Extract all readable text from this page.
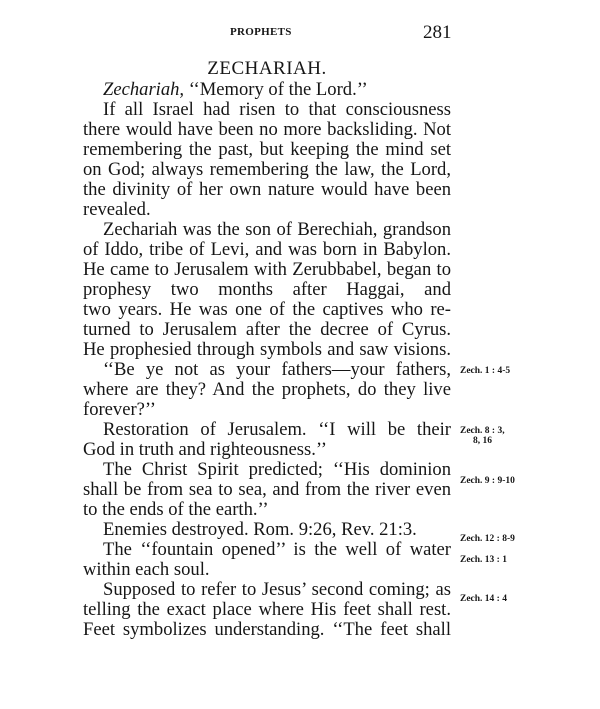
PROPHETS	281
ZECHARIAH.
Zechariah, ‘‘Memory of the Lord.’’
If all Israel had risen to that consciousness
there would have been no more backsliding. Not
remembering the past, but keeping the mind set
on God; always remembering the law, the Lord,
the divinity of her own nature would have been
revealed.
Zechariah was the son of Berechiah, grandson
of Iddo, tribe of Levi, and was born in Babylon.
He came to Jerusalem with Zerubbabel, began to
prophesy two months after Haggai, and
two years. He was one of the captives who re-
turned to Jerusalem after the decree of Cyrus.
He prophesied through symbols and saw visions.
‘‘Be ye not as your fathers—your fathers,
where are they? And the prophets, do they live
forever?’’
Restoration of Jerusalem. ‘‘I will be their
God in truth and righteousness.’’
The Christ Spirit predicted; ‘‘His dominion
shall be from sea to sea, and from the river even
to the ends of the earth.’’
Enemies destroyed. Rom. 9:26, Rev. 21:3.
The ‘‘fountain opened’’ is the well of water
within each soul.
Supposed to refer to Jesus’ second coming; as
telling the exact place where His feet shall rest.
Feet symbolizes understanding. ‘‘The feet shall
Zech. 1 : 4-5
Zech. 8 : 3,
8, 16
Zech. 9 : 9-10
Zech. 12 : 8-9
Zech. 13 : 1
Zech. 14 : 4
